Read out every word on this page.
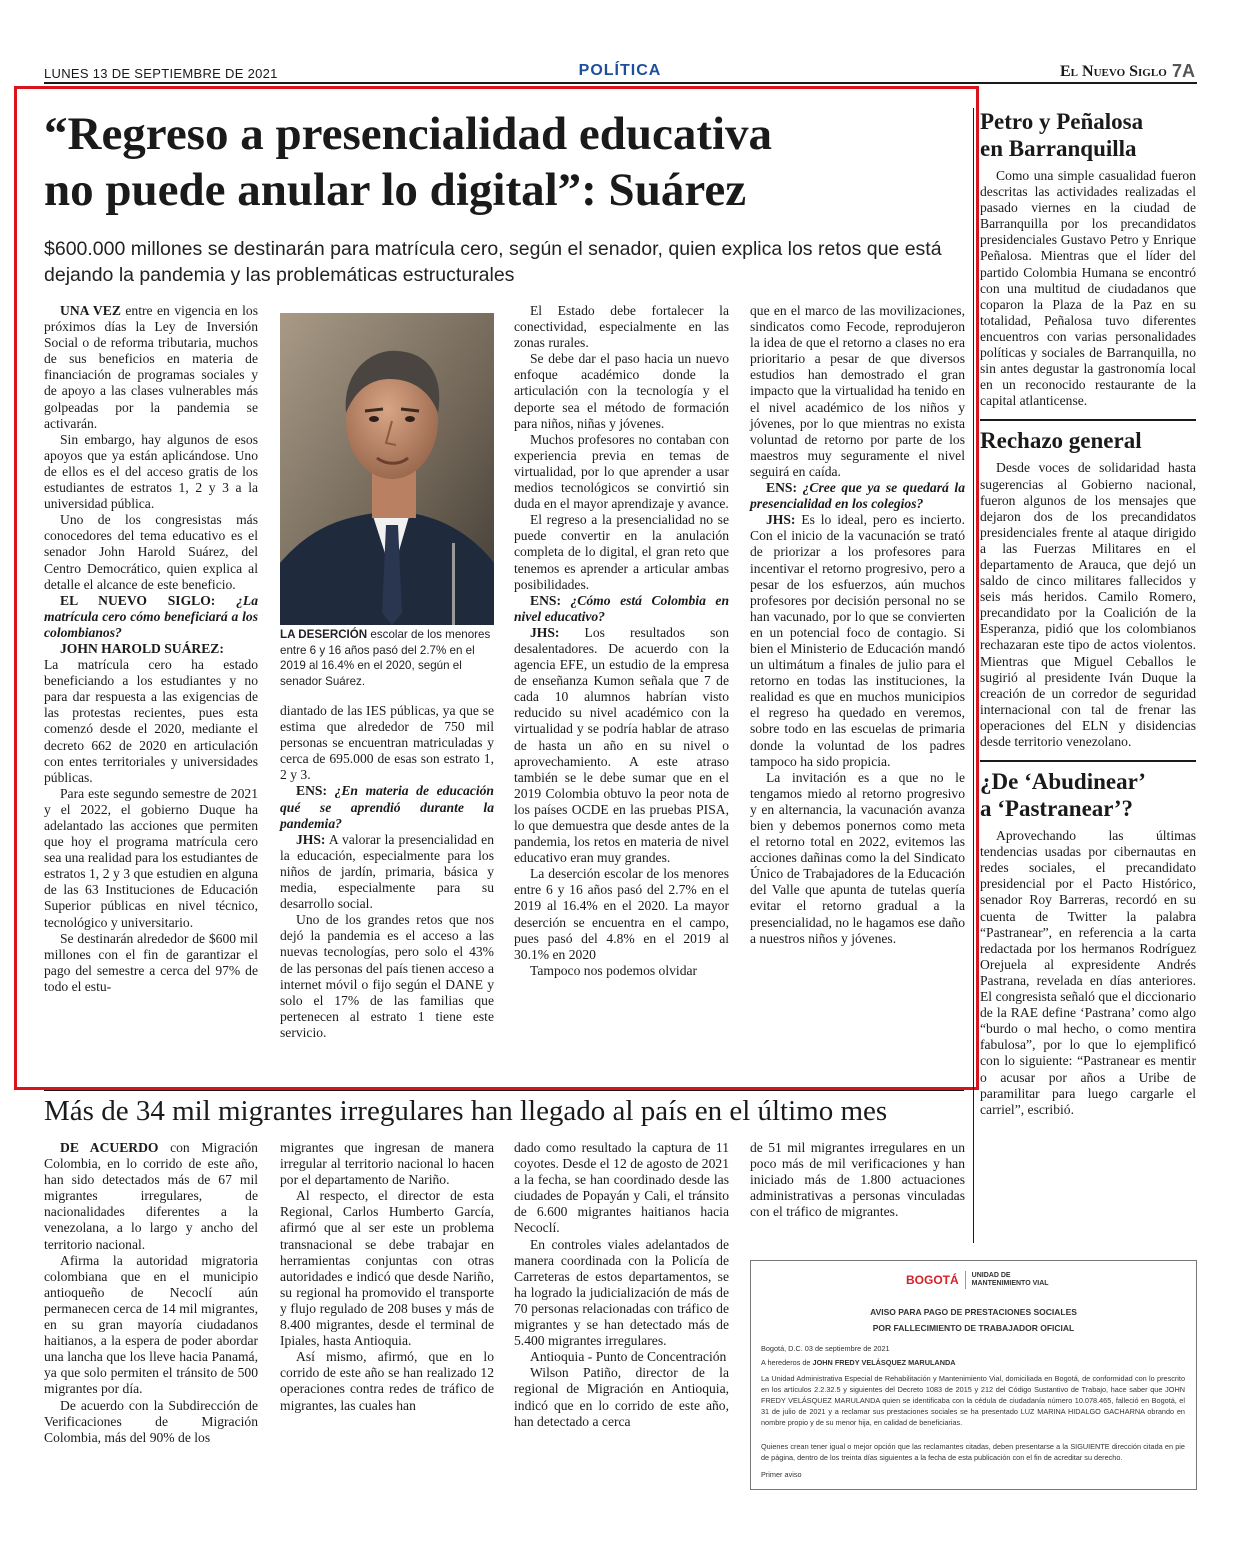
LUNES 13 DE SEPTIEMBRE DE 2021	POLÍTICA	El Nuevo Siglo 7A
“Regreso a presencialidad educativa
no puede anular lo digital”: Suárez
$600.000 millones se destinarán para matrícula cero, según el senador, quien explica los retos que está dejando la pandemia y las problemáticas estructurales

UNA VEZ entre en vigencia en los próximos días la Ley de Inversión Social o de reforma tributaria, muchos de sus beneficios en materia de financiación de programas sociales y de apoyo a las clases vulnerables más golpeadas por la pandemia se activarán.

Sin embargo, hay algunos de esos apoyos que ya están aplicándose. Uno de ellos es el del acceso gratis de los estudiantes de estratos 1, 2 y 3 a la universidad pública.

Uno de los congresistas más conocedores del tema educativo es el senador John Harold Suárez, del Centro Democrático, quien explica al detalle el alcance de este beneficio.

EL NUEVO SIGLO: ¿La matrícula cero cómo beneficiará a los colombianos?

JOHN HAROLD SUÁREZ:

La matrícula cero ha estado beneficiando a los estudiantes y no para dar respuesta a las exigencias de las protestas recientes, pues esta comenzó desde el 2020, mediante el decreto 662 de 2020 en articulación con entes territoriales y universidades públicas.

Para este segundo semestre de 2021 y el 2022, el gobierno Duque ha adelantado las acciones que permiten que hoy el programa matrícula cero sea una realidad para los estudiantes de estratos 1, 2 y 3 que estudien en alguna de las 63 Instituciones de Educación Superior públicas en nivel técnico, tecnológico y universitario.

Se destinarán alrededor de $600 mil millones con el fin de garantizar el pago del semestre a cerca del 97% de todo el estu-

LA DESERCIÓN escolar de los menores entre 6 y 16 años pasó del 2.7% en el 2019 al 16.4% en el 2020, según el senador Suárez.

diantado de las IES públicas, ya que se estima que alrededor de 750 mil personas se encuentran matriculadas y cerca de 695.000 de esas son estrato 1, 2 y 3.

ENS: ¿En materia de educación qué se aprendió durante la pandemia?

JHS: A valorar la presencialidad en la educación, especialmente para los niños de jardín, primaria, básica y media, especialmente para su desarrollo social.

Uno de los grandes retos que nos dejó la pandemia es el acceso a las nuevas tecnologías, pero solo el 43% de las personas del país tienen acceso a internet móvil o fijo según el DANE y solo el 17% de las familias que pertenecen al estrato 1 tiene este servicio.

El Estado debe fortalecer la conectividad, especialmente en las zonas rurales.

Se debe dar el paso hacia un nuevo enfoque académico donde la articulación con la tecnología y el deporte sea el método de formación para niños, niñas y jóvenes.

Muchos profesores no contaban con experiencia previa en temas de virtualidad, por lo que aprender a usar medios tecnológicos se convirtió sin duda en el mayor aprendizaje y avance.

El regreso a la presencialidad no se puede convertir en la anulación completa de lo digital, el gran reto que tenemos es aprender a articular ambas posibilidades.

ENS: ¿Cómo está Colombia en nivel educativo?

JHS: Los resultados son desalentadores. De acuerdo con la agencia EFE, un estudio de la empresa de enseñanza Kumon señala que 7 de cada 10 alumnos habrían visto reducido su nivel académico con la virtualidad y se podría hablar de atraso de hasta un año en su nivel o aprovechamiento. A este atraso también se le debe sumar que en el 2019 Colombia obtuvo la peor nota de los países OCDE en las pruebas PISA, lo que demuestra que desde antes de la pandemia, los retos en materia de nivel educativo eran muy grandes.

La deserción escolar de los menores entre 6 y 16 años pasó del 2.7% en el 2019 al 16.4% en el 2020. La mayor deserción se encuentra en el campo, pues pasó del 4.8% en el 2019 al 30.1% en 2020

Tampoco nos podemos olvidar

que en el marco de las movilizaciones, sindicatos como Fecode, reprodujeron la idea de que el retorno a clases no era prioritario a pesar de que diversos estudios han demostrado el gran impacto que la virtualidad ha tenido en el nivel académico de los niños y jóvenes, por lo que mientras no exista voluntad de retorno por parte de los maestros muy seguramente el nivel seguirá en caída.

ENS: ¿Cree que ya se quedará la presencialidad en los colegios?

JHS: Es lo ideal, pero es incierto. Con el inicio de la vacunación se trató de priorizar a los profesores para incentivar el retorno progresivo, pero a pesar de los esfuerzos, aún muchos profesores por decisión personal no se han vacunado, por lo que se convierten en un potencial foco de contagio. Si bien el Ministerio de Educación mandó un ultimátum a finales de julio para el retorno en todas las instituciones, la realidad es que en muchos municipios el regreso ha quedado en veremos, sobre todo en las escuelas de primaria donde la voluntad de los padres tampoco ha sido propicia.

La invitación es a que no le tengamos miedo al retorno progresivo y en alternancia, la vacunación avanza bien y debemos ponernos como meta el retorno total en 2022, evitemos las acciones dañinas como la del Sindicato Único de Trabajadores de la Educación del Valle que apunta de tutelas quería evitar el retorno gradual a la presencialidad, no le hagamos ese daño a nuestros niños y jóvenes.

Más de 34 mil migrantes irregulares han llegado al país en el último mes

DE ACUERDO con Migración Colombia, en lo corrido de este año, han sido detectados más de 67 mil migrantes irregulares, de nacionalidades diferentes a la venezolana, a lo largo y ancho del territorio nacional.

Afirma la autoridad migratoria colombiana que en el municipio antioqueño de Necoclí aún permanecen cerca de 14 mil migrantes, en su gran mayoría ciudadanos haitianos, a la espera de poder abordar una lancha que los lleve hacia Panamá, ya que solo permiten el tránsito de 500 migrantes por día.

De acuerdo con la Subdirección de Verificaciones de Migración Colombia, más del 90% de los

migrantes que ingresan de manera irregular al territorio nacional lo hacen por el departamento de Nariño.

Al respecto, el director de esta Regional, Carlos Humberto García, afirmó que al ser este un problema transnacional se debe trabajar en herramientas conjuntas con otras autoridades e indicó que desde Nariño, su regional ha promovido el transporte y flujo regulado de 208 buses y más de 8.400 migrantes, desde el terminal de Ipiales, hasta Antioquia.

Así mismo, afirmó, que en lo corrido de este año se han realizado 12 operaciones contra redes de tráfico de migrantes, las cuales han

dado como resultado la captura de 11 coyotes. Desde el 12 de agosto de 2021 a la fecha, se han coordinado desde las ciudades de Popayán y Cali, el tránsito de 6.600 migrantes haitianos hacia Necoclí.

En controles viales adelantados de manera coordinada con la Policía de Carreteras de estos departamentos, se ha logrado la judicialización de más de 70 personas relacionadas con tráfico de migrantes y se han detectado más de 5.400 migrantes irregulares.

Antioquia - Punto de Concentración

Wilson Patiño, director de la regional de Migración en Antioquia, indicó que en lo corrido de este año, han detectado a cerca

de 51 mil migrantes irregulares en un poco más de mil verificaciones y han iniciado más de 1.800 actuaciones administrativas a personas vinculadas con el tráfico de migrantes.

Petro y Peñalosa
en Barranquilla

Como una simple casualidad fueron descritas las actividades realizadas el pasado viernes en la ciudad de Barranquilla por los precandidatos presidenciales Gustavo Petro y Enrique Peñalosa. Mientras que el líder del partido Colombia Humana se encontró con una multitud de ciudadanos que coparon la Plaza de la Paz en su totalidad, Peñalosa tuvo diferentes encuentros con varias personalidades políticas y sociales de Barranquilla, no sin antes degustar la gastronomía local en un reconocido restaurante de la capital atlanticense.

Rechazo general

Desde voces de solidaridad hasta sugerencias al Gobierno nacional, fueron algunos de los mensajes que dejaron dos de los precandidatos presidenciales frente al ataque dirigido a las Fuerzas Militares en el departamento de Arauca, que dejó un saldo de cinco militares fallecidos y seis más heridos. Camilo Romero, precandidato por la Coalición de la Esperanza, pidió que los colombianos rechazaran este tipo de actos violentos. Mientras que Miguel Ceballos le sugirió al presidente Iván Duque la creación de un corredor de seguridad internacional con tal de frenar las operaciones del ELN y disidencias desde territorio venezolano.

¿De ‘Abudinear’
a ‘Pastranear’?

Aprovechando las últimas tendencias usadas por cibernautas en redes sociales, el precandidato presidencial por el Pacto Histórico, senador Roy Barreras, recordó en su cuenta de Twitter la palabra “Pastranear”, en referencia a la carta redactada por los hermanos Rodríguez Orejuela al expresidente Andrés Pastrana, revelada en días anteriores. El congresista señaló que el diccionario de la RAE define ‘Pastrana’ como algo “burdo o mal hecho, o como mentira fabulosa”, por lo que lo ejemplificó con lo siguiente: “Pastranear es mentir o acusar por años a Uribe de paramilitar para luego cargarle el carriel”, escribió.

BOGOTÁ UNIDAD DE
MANTENIMIENTO VIAL
AVISO PARA PAGO DE PRESTACIONES SOCIALES
POR FALLECIMIENTO DE TRABAJADOR OFICIAL
Bogotá, D.C. 03 de septiembre de 2021
A herederos de JOHN FREDY VELÁSQUEZ MARULANDA
La Unidad Administrativa Especial de Rehabilitación y Mantenimiento Vial, domiciliada en Bogotá, de conformidad con lo prescrito en los artículos 2.2.32.5 y siguientes del Decreto 1083 de 2015 y 212 del Código Sustantivo de Trabajo, hace saber que JOHN FREDY VELÁSQUEZ MARULANDA quien se identificaba con la cédula de ciudadanía número 10.078.465, falleció en Bogotá, el 31 de julio de 2021 y a reclamar sus prestaciones sociales se ha presentado LUZ MARINA HIDALGO GACHARNA obrando en nombre propio y de su menor hija, en calidad de beneficiarias.
Quienes crean tener igual o mejor opción que las reclamantes citadas, deben presentarse a la SIGUIENTE dirección citada en pie de página, dentro de los treinta días siguientes a la fecha de esta publicación con el fin de acreditar su derecho.
Primer aviso
